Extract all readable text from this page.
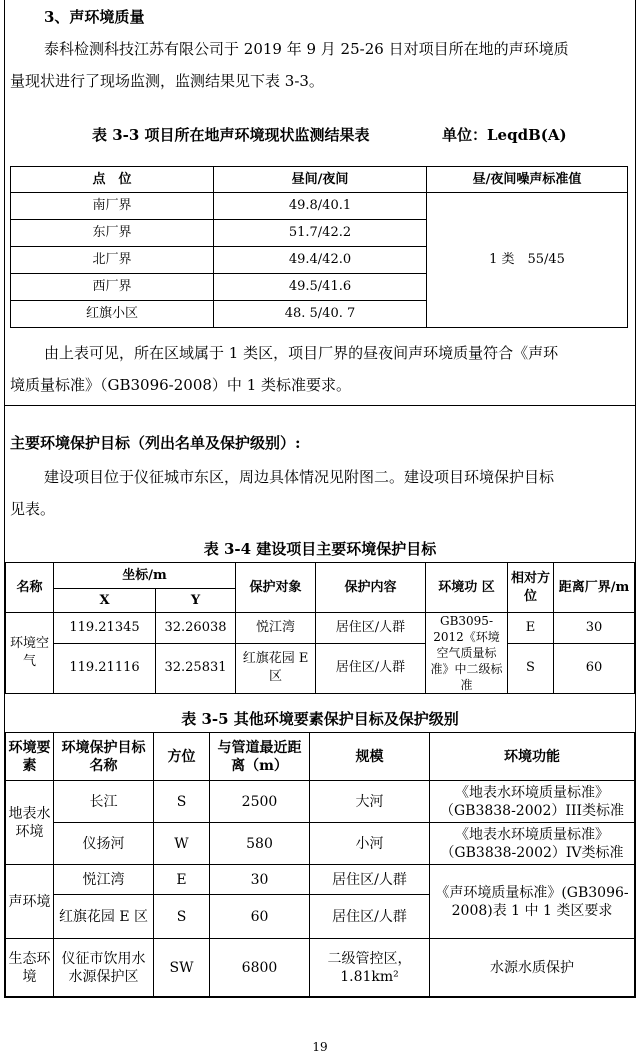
3、声环境质量
泰科检测科技江苏有限公司于 2019 年 9 月 25-26 日对项目所在地的声环境质
量现状进行了现场监测，监测结果见下表 3-3。
表 3-3 项目所在地声环境现状监测结果表	单位：LeqdB(A)
点　位	昼间/夜间	昼/夜间噪声标准值
南厂界	49.8/40.1	1 类　55/45
东厂界	51.7/42.2	
北厂界	49.4/42.0	
西厂界	49.5/41.6	
红旗小区	48. 5/40. 7	
由上表可见，所在区域属于 1 类区，项目厂界的昼夜间声环境质量符合《声环
境质量标准》（GB3096-2008）中 1 类标准要求。
主要环境保护目标（列出名单及保护级别）:
建设项目位于仪征城市东区，周边具体情况见附图二。建设项目环境保护目标
见表。
表 3-4 建设项目主要环境保护目标
名称	坐标/m		保护对象	保护内容	环境功 区	相对方位	距离厂界/m
	X	Y					
环境空气	119.21345	32.26038	悦江湾	居住区/人群	GB3095-2012《环境空气质量标准》中二级标准	E	30
	119.21116	32.25831	红旗花园 E 区	居住区/人群		S	60
表 3-5 其他环境要素保护目标及保护级别
环境要素	环境保护目标名称	方位	与管道最近距离（m）	规模	环境功能
地表水环境	长江	S	2500	大河	《地表水环境质量标准》（GB3838-2002）III类标准
	仪扬河	W	580	小河	《地表水环境质量标准》（GB3838-2002）IV类标准
声环境	悦江湾	E	30	居住区/人群	《声环境质量标准》(GB3096-2008)表 1 中 1 类区要求
	红旗花园 E 区	S	60	居住区/人群	
生态环境	仪征市饮用水水源保护区	SW	6800	二级管控区，1.81km²	水源水质保护
19
